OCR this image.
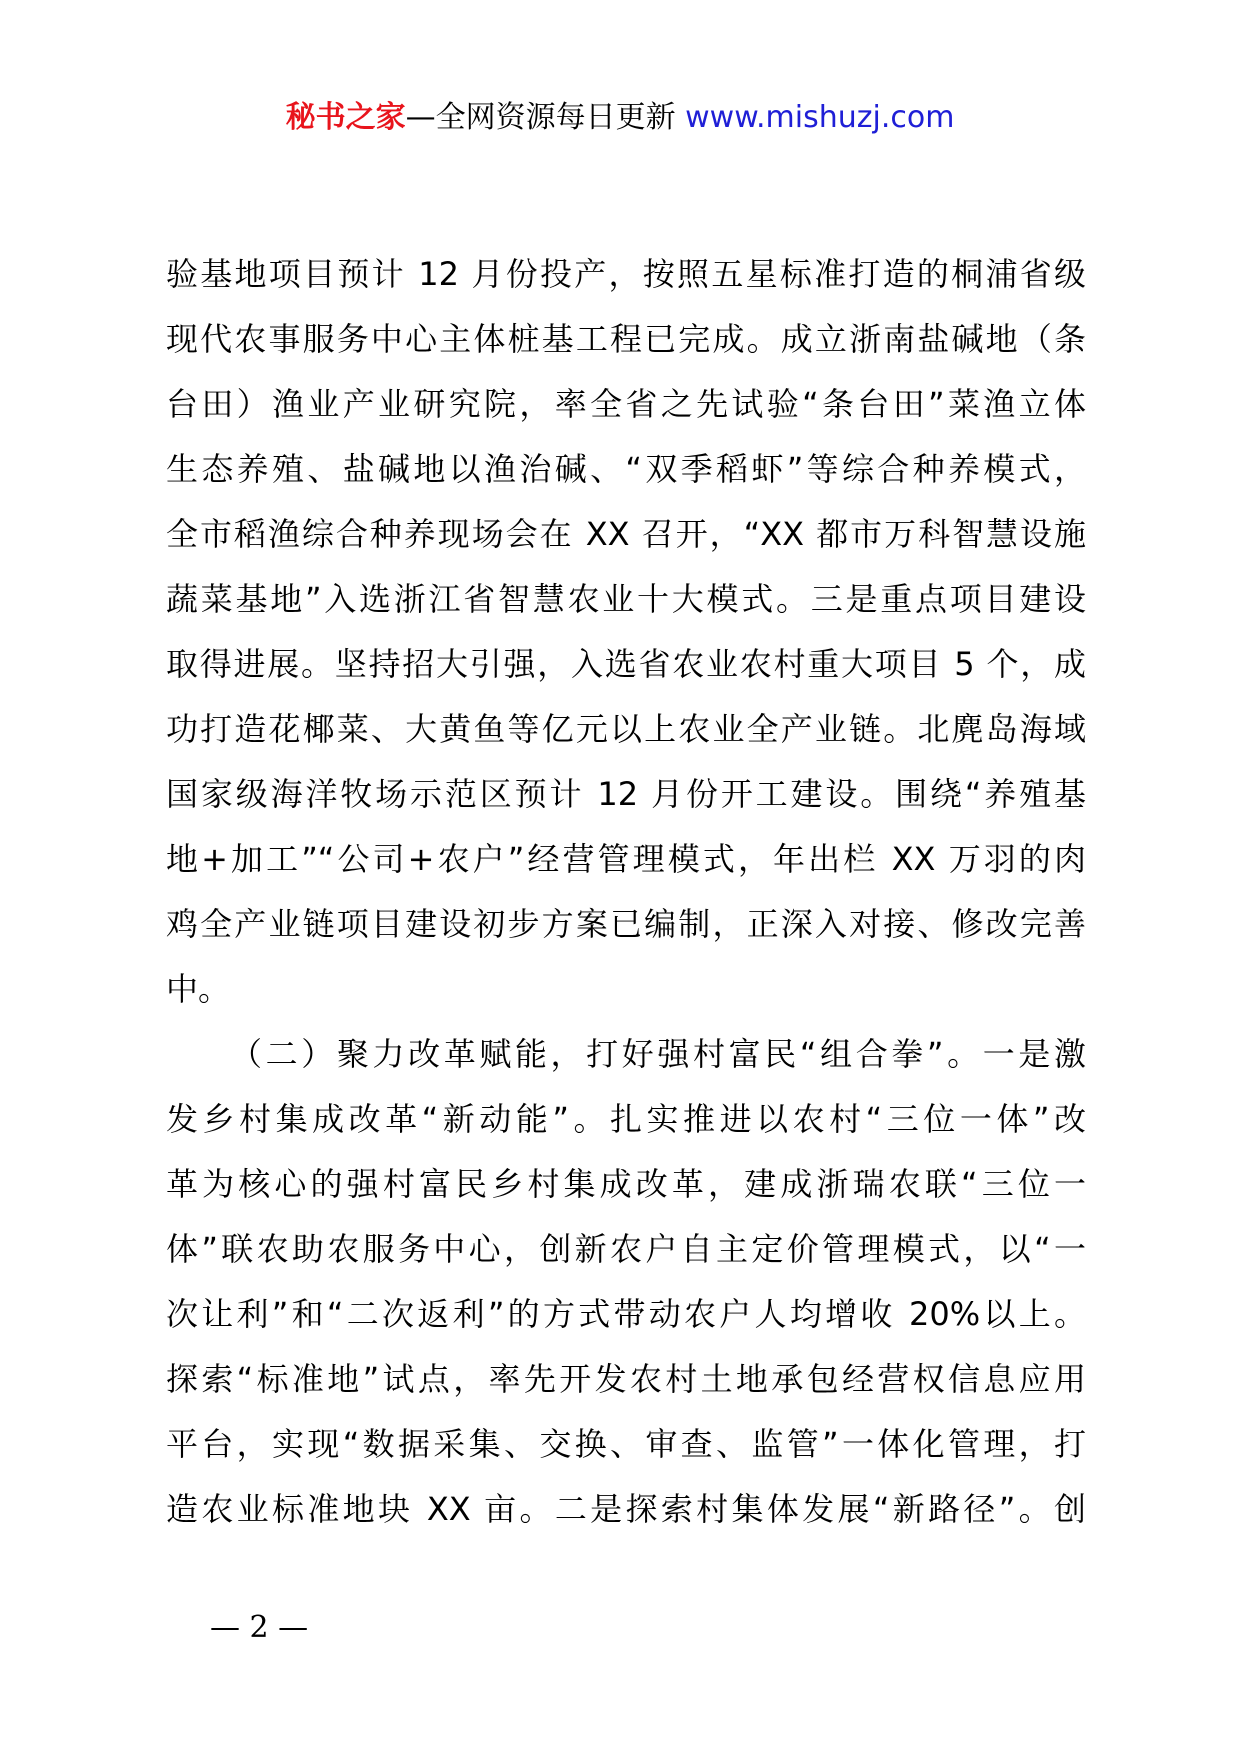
秘书之家—全网资源每日更新 www.mishuzj.com
验基地项目预计 12 月份投产，按照五星标准打造的桐浦省级
现代农事服务中心主体桩基工程已完成。成立浙南盐碱地（条
台田）渔业产业研究院，率全省之先试验“条台田”菜渔立体
生态养殖、盐碱地以渔治碱、“双季稻虾”等综合种养模式，
全市稻渔综合种养现场会在 XX 召开，“XX 都市万科智慧设施
蔬菜基地”入选浙江省智慧农业十大模式。三是重点项目建设
取得进展。坚持招大引强，入选省农业农村重大项目 5 个，成
功打造花椰菜、大黄鱼等亿元以上农业全产业链。北麂岛海域
国家级海洋牧场示范区预计 12 月份开工建设。围绕“养殖基
地+加工”“公司+农户”经营管理模式，年出栏 XX 万羽的肉
鸡全产业链项目建设初步方案已编制，正深入对接、修改完善
中。
（二）聚力改革赋能，打好强村富民“组合拳”。一是激
发乡村集成改革“新动能”。扎实推进以农村“三位一体”改
革为核心的强村富民乡村集成改革，建成浙瑞农联“三位一
体”联农助农服务中心，创新农户自主定价管理模式，以“一
次让利”和“二次返利”的方式带动农户人均增收 20%以上。
探索“标准地”试点，率先开发农村土地承包经营权信息应用
平台，实现“数据采集、交换、审查、监管”一体化管理，打
造农业标准地块 XX 亩。二是探索村集体发展“新路径”。创
— 2 —
